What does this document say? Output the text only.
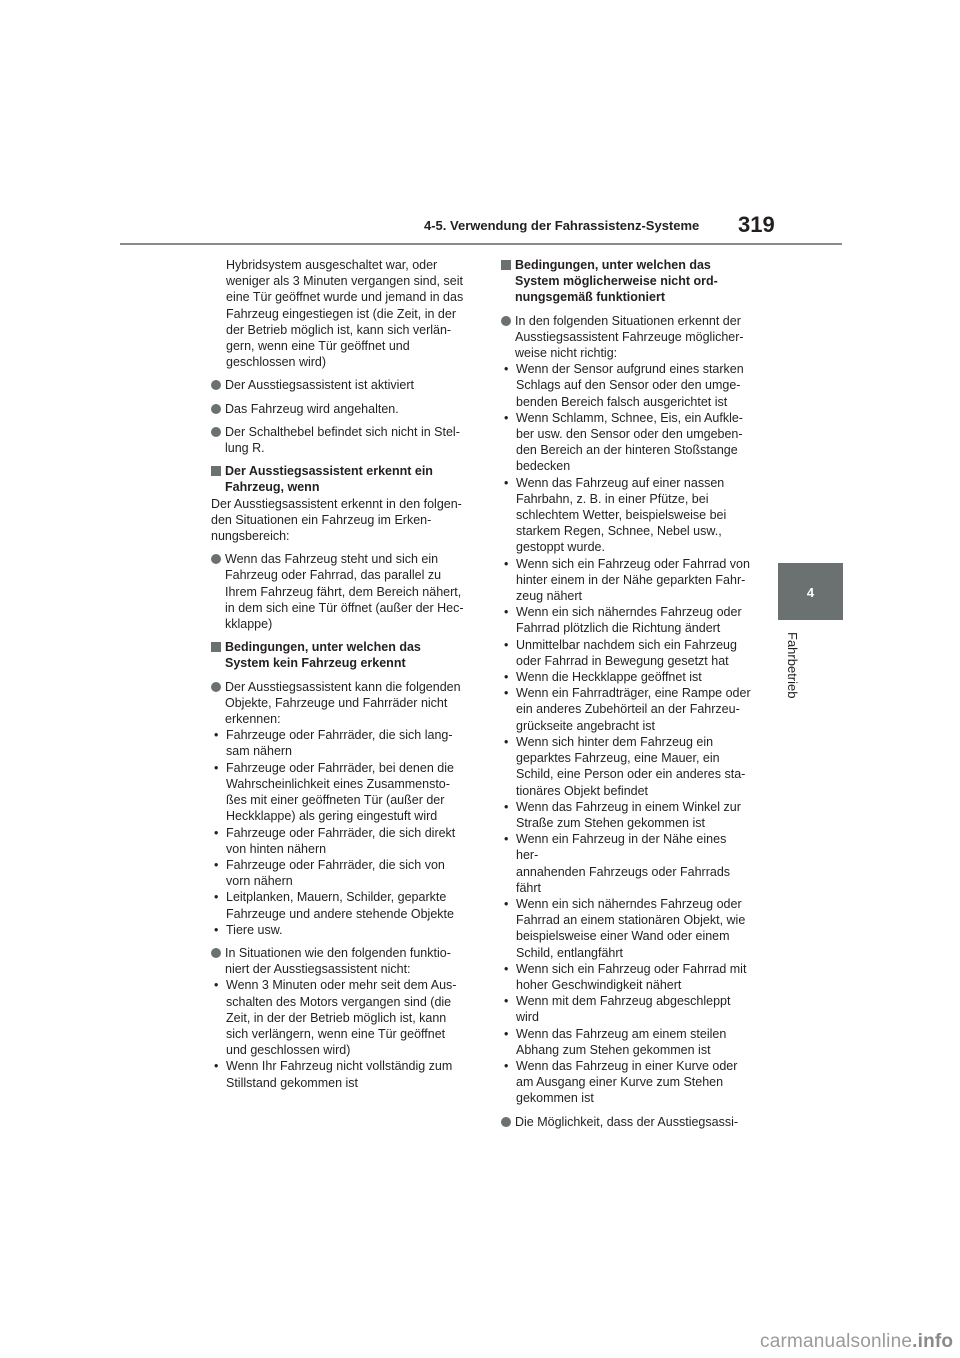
4-5. Verwendung der Fahrassistenz-Systeme 319
4
Fahrbetrieb
Hybridsystem ausgeschaltet war, oder
weniger als 3 Minuten vergangen sind, seit
eine Tür geöffnet wurde und jemand in das
Fahrzeug eingestiegen ist (die Zeit, in der
der Betrieb möglich ist, kann sich verlän-
gern, wenn eine Tür geöffnet und
geschlossen wird)
Der Ausstiegsassistent ist aktiviert
Das Fahrzeug wird angehalten.
Der Schalthebel befindet sich nicht in Stel-
lung R.
Der Ausstiegsassistent erkennt ein
Fahrzeug, wenn
Der Ausstiegsassistent erkennt in den folgen-
den Situationen ein Fahrzeug im Erken-
nungsbereich:
Wenn das Fahrzeug steht und sich ein
Fahrzeug oder Fahrrad, das parallel zu
Ihrem Fahrzeug fährt, dem Bereich nähert,
in dem sich eine Tür öffnet (außer der Hec-
kklappe)
Bedingungen, unter welchen das
System kein Fahrzeug erkennt
Der Ausstiegsassistent kann die folgenden
Objekte, Fahrzeuge und Fahrräder nicht
erkennen:
• Fahrzeuge oder Fahrräder, die sich lang-
sam nähern
• Fahrzeuge oder Fahrräder, bei denen die
Wahrscheinlichkeit eines Zusammensto-
ßes mit einer geöffneten Tür (außer der
Heckklappe) als gering eingestuft wird
• Fahrzeuge oder Fahrräder, die sich direkt
von hinten nähern
• Fahrzeuge oder Fahrräder, die sich von
vorn nähern
• Leitplanken, Mauern, Schilder, geparkte
Fahrzeuge und andere stehende Objekte
• Tiere usw.
In Situationen wie den folgenden funktio-
niert der Ausstiegsassistent nicht:
• Wenn 3 Minuten oder mehr seit dem Aus-
schalten des Motors vergangen sind (die
Zeit, in der der Betrieb möglich ist, kann
sich verlängern, wenn eine Tür geöffnet
und geschlossen wird)
• Wenn Ihr Fahrzeug nicht vollständig zum
Stillstand gekommen ist
Bedingungen, unter welchen das
System möglicherweise nicht ord-
nungsgemäß funktioniert
In den folgenden Situationen erkennt der
Ausstiegsassistent Fahrzeuge möglicher-
weise nicht richtig:
• Wenn der Sensor aufgrund eines starken
Schlags auf den Sensor oder den umge-
benden Bereich falsch ausgerichtet ist
• Wenn Schlamm, Schnee, Eis, ein Aufkle-
ber usw. den Sensor oder den umgeben-
den Bereich an der hinteren Stoßstange
bedecken
• Wenn das Fahrzeug auf einer nassen
Fahrbahn, z. B. in einer Pfütze, bei
schlechtem Wetter, beispielsweise bei
starkem Regen, Schnee, Nebel usw.,
gestoppt wurde.
• Wenn sich ein Fahrzeug oder Fahrrad von
hinter einem in der Nähe geparkten Fahr-
zeug nähert
• Wenn ein sich näherndes Fahrzeug oder
Fahrrad plötzlich die Richtung ändert
• Unmittelbar nachdem sich ein Fahrzeug
oder Fahrrad in Bewegung gesetzt hat
• Wenn die Heckklappe geöffnet ist
• Wenn ein Fahrradträger, eine Rampe oder
ein anderes Zubehörteil an der Fahrzeu-
grückseite angebracht ist
• Wenn sich hinter dem Fahrzeug ein
geparktes Fahrzeug, eine Mauer, ein
Schild, eine Person oder ein anderes sta-
tionäres Objekt befindet
• Wenn das Fahrzeug in einem Winkel zur
Straße zum Stehen gekommen ist
• Wenn ein Fahrzeug in der Nähe eines her-
annahenden Fahrzeugs oder Fahrrads
fährt
• Wenn ein sich näherndes Fahrzeug oder
Fahrrad an einem stationären Objekt, wie
beispielsweise einer Wand oder einem
Schild, entlangfährt
• Wenn sich ein Fahrzeug oder Fahrrad mit
hoher Geschwindigkeit nähert
• Wenn mit dem Fahrzeug abgeschleppt
wird
• Wenn das Fahrzeug am einem steilen
Abhang zum Stehen gekommen ist
• Wenn das Fahrzeug in einer Kurve oder
am Ausgang einer Kurve zum Stehen
gekommen ist
Die Möglichkeit, dass der Ausstiegsassi-
carmanualsonline.info
